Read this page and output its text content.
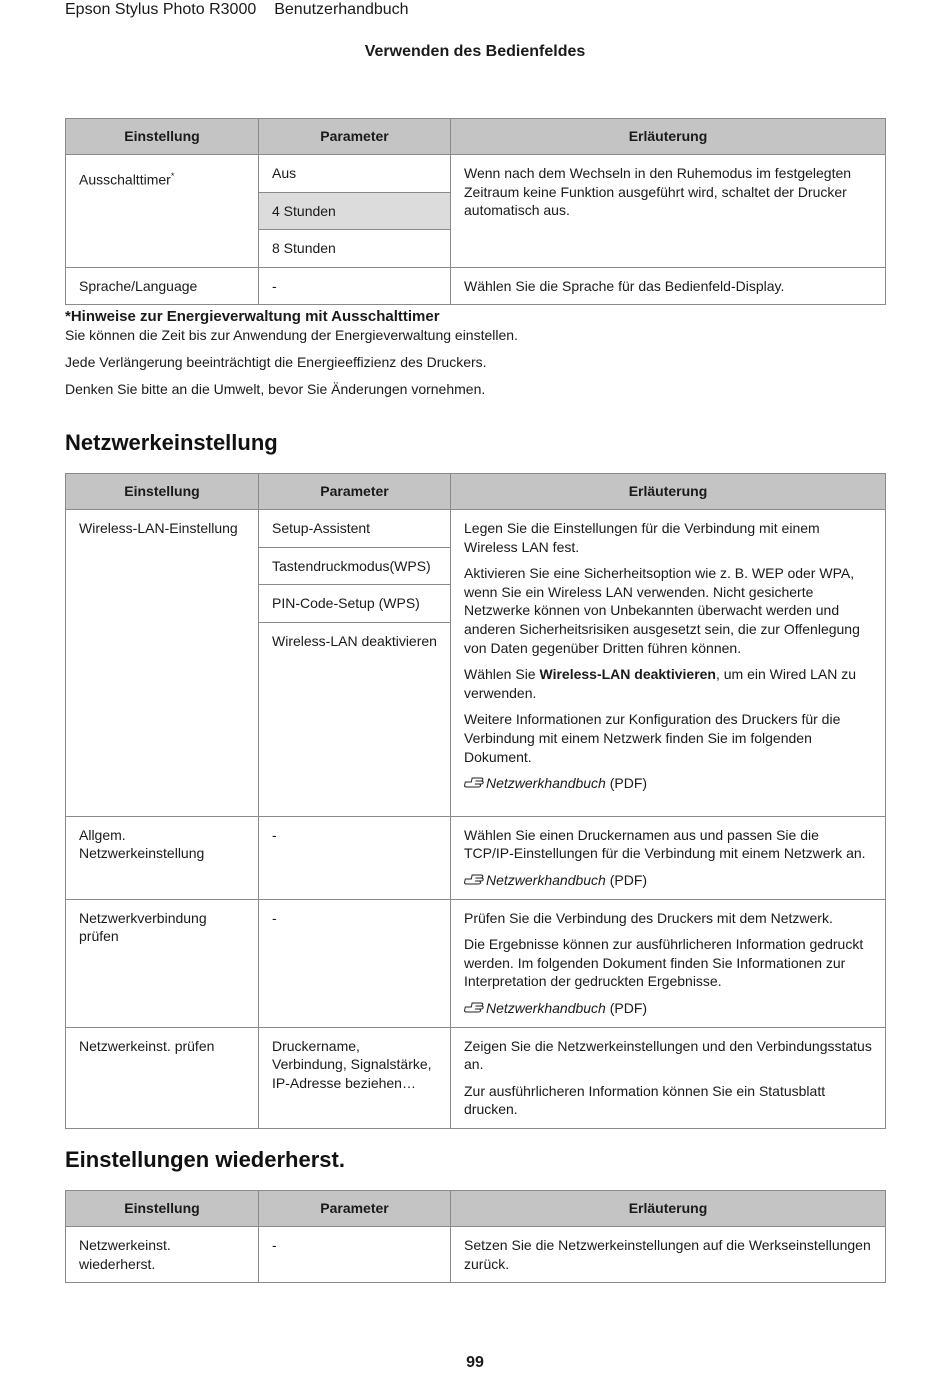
Epson Stylus Photo R3000 Benutzerhandbuch
Verwenden des Bedienfeldes
Einstellung	Parameter	Erläuterung
Ausschalttimer*	Aus	Wenn nach dem Wechseln in den Ruhemodus im festgelegten Zeitraum keine Funktion ausgeführt wird, schaltet der Drucker automatisch aus.
	4 Stunden	
	8 Stunden	
Sprache/Language	-	Wählen Sie die Sprache für das Bedienfeld-Display.
*Hinweise zur Energieverwaltung mit Ausschalttimer
Sie können die Zeit bis zur Anwendung der Energieverwaltung einstellen.
Jede Verlängerung beeinträchtigt die Energieeffizienz des Druckers.
Denken Sie bitte an die Umwelt, bevor Sie Änderungen vornehmen.
Netzwerkeinstellung
Einstellung	Parameter	Erläuterung
Wireless-LAN-Einstellung	Setup-Assistent	Legen Sie die Einstellungen für die Verbindung mit einem Wireless LAN fest.
Aktivieren Sie eine Sicherheitsoption wie z. B. WEP oder WPA, wenn Sie ein Wireless LAN verwenden. Nicht gesicherte Netzwerke können von Unbekannten überwacht werden und anderen Sicherheitsrisiken ausgesetzt sein, die zur Offenlegung von Daten gegenüber Dritten führen können.
Wählen Sie Wireless-LAN deaktivieren, um ein Wired LAN zu verwenden.
Weitere Informationen zur Konfiguration des Druckers für die Verbindung mit einem Netzwerk finden Sie im folgenden Dokument.
Netzwerkhandbuch (PDF)

	Tastendruckmodus(WPS)	
	PIN-Code-Setup (WPS)	
	Wireless-LAN deaktivieren	
Allgem. Netzwerkeinstellung	-	Wählen Sie einen Druckernamen aus und passen Sie die TCP/IP-Einstellungen für die Verbindung mit einem Netzwerk an.
Netzwerkhandbuch (PDF)

Netzwerkverbindung prüfen	-	Prüfen Sie die Verbindung des Druckers mit dem Netzwerk.
Die Ergebnisse können zur ausführlicheren Information gedruckt werden. Im folgenden Dokument finden Sie Informationen zur Interpretation der gedruckten Ergebnisse.
Netzwerkhandbuch (PDF)

Netzwerkeinst. prüfen	Druckername, Verbindung, Signalstärke, IP-Adresse beziehen…	Zeigen Sie die Netzwerkeinstellungen und den Verbindungsstatus an.
Zur ausführlicheren Information können Sie ein Statusblatt drucken.
Einstellungen wiederherst.
Einstellung	Parameter	Erläuterung
Netzwerkeinst. wiederherst.	-	Setzen Sie die Netzwerkeinstellungen auf die Werkseinstellungen zurück.
99
